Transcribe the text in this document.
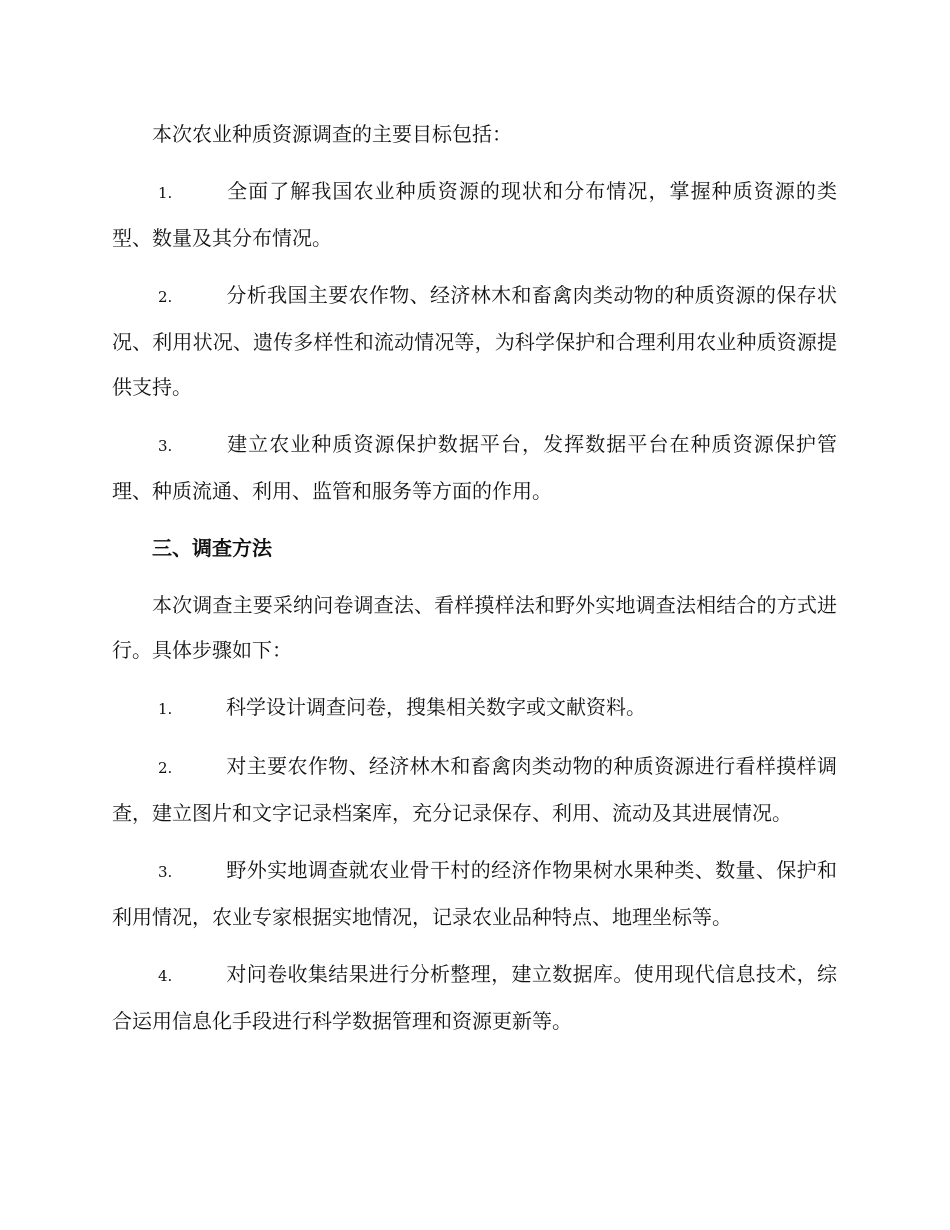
本次农业种质资源调查的主要目标包括：

1.	全面了解我国农业种质资源的现状和分布情况，掌握种质资源的类型、数量及其分布情况。

2.	分析我国主要农作物、经济林木和畜禽肉类动物的种质资源的保存状况、利用状况、遗传多样性和流动情况等，为科学保护和合理利用农业种质资源提供支持。

3.	建立农业种质资源保护数据平台，发挥数据平台在种质资源保护管理、种质流通、利用、监管和服务等方面的作用。

三、调查方法

本次调查主要采纳问卷调查法、看样摸样法和野外实地调查法相结合的方式进行。具体步骤如下：

1.	科学设计调查问卷，搜集相关数字或文献资料。

2.	对主要农作物、经济林木和畜禽肉类动物的种质资源进行看样摸样调查，建立图片和文字记录档案库，充分记录保存、利用、流动及其进展情况。

3.	野外实地调查就农业骨干村的经济作物果树水果种类、数量、保护和利用情况，农业专家根据实地情况，记录农业品种特点、地理坐标等。

4.	对问卷收集结果进行分析整理，建立数据库。使用现代信息技术，综合运用信息化手段进行科学数据管理和资源更新等。
